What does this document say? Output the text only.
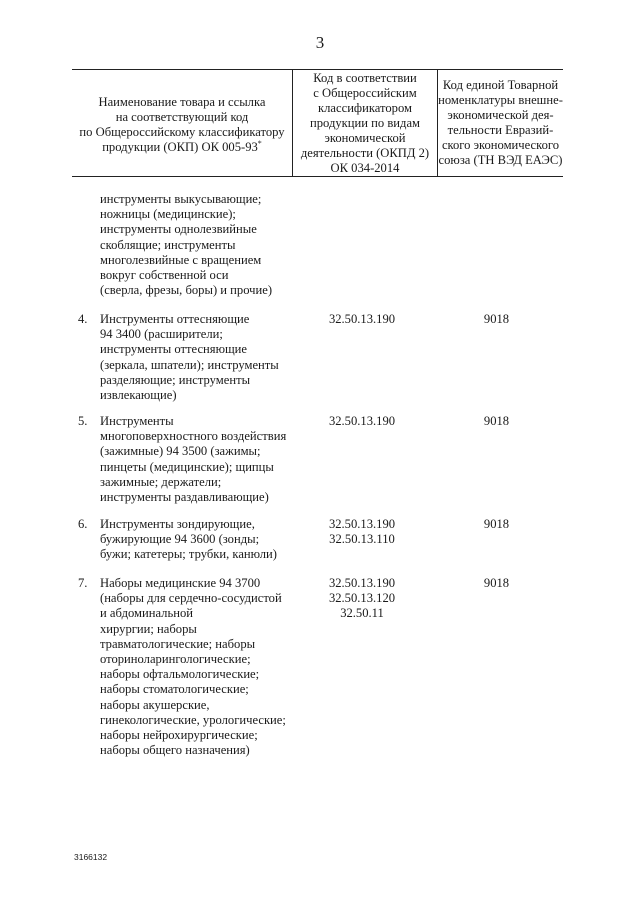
3
Наименование товара и ссылка
на соответствующий код
по Общероссийскому классификатору
продукции (ОКП) ОК 005-93*
Код в соответствии
с Общероссийским
классификатором
продукции по видам
экономической
деятельности (ОКПД 2)
ОК 034-2014
Код единой Товарной
номенклатуры внешне-
экономической дея-
тельности Евразий-
ского экономического
союза (ТН ВЭД ЕАЭС)
инструменты выкусывающие;
ножницы (медицинские);
инструменты однолезвийные
скоблящие; инструменты
многолезвийные с вращением
вокруг собственной оси
(сверла, фрезы, боры) и прочие)
4. Инструменты оттесняющие
94 3400 (расширители;
инструменты оттесняющие
(зеркала, шпатели); инструменты
разделяющие; инструменты
извлекающие)
32.50.13.190	9018
5. Инструменты
многоповерхностного воздействия
(зажимные) 94 3500 (зажимы;
пинцеты (медицинские); щипцы
зажимные; держатели;
инструменты раздавливающие)
32.50.13.190	9018
6. Инструменты зондирующие,
бужирующие 94 3600 (зонды;
бужи; катетеры; трубки, канюли)
32.50.13.190
32.50.13.110
9018
7. Наборы медицинские 94 3700
(наборы для сердечно-сосудистой
и абдоминальной
хирургии; наборы
травматологические; наборы
оториноларингологические;
наборы офтальмологические;
наборы стоматологические;
наборы акушерские,
гинекологические, урологические;
наборы нейрохирургические;
наборы общего назначения)
32.50.13.190
32.50.13.120
32.50.11
9018
3166132
